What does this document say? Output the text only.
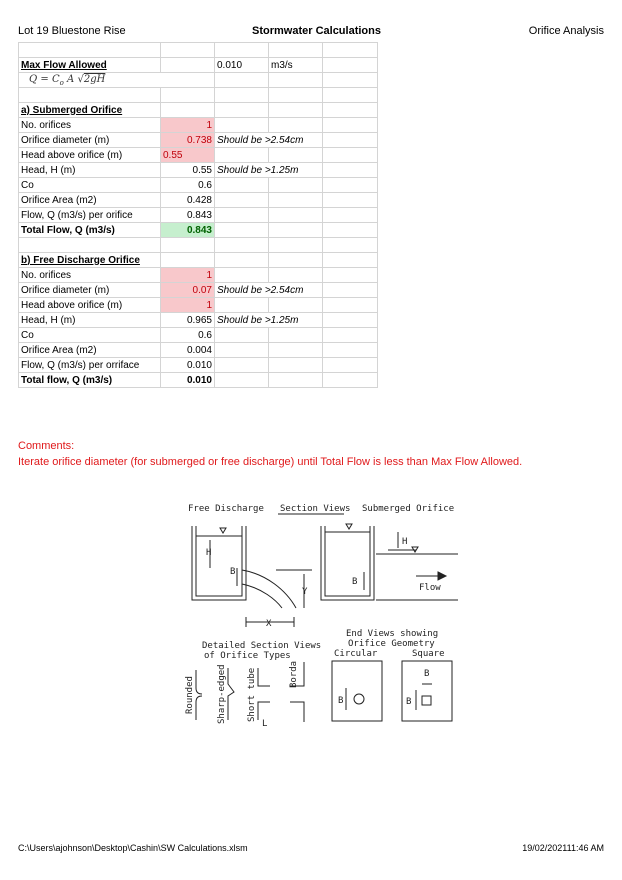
Lot 19 Bluestone Rise	Stormwater Calculations	Orifice Analysis

Max Flow Allowed		0.010	m3/s	
$Q = C_o$ A √2gH				

a) Submerged Orifice				
No. orifices	1			
Orifice diameter (m)	0.738	Should be >2.54cm		
Head above orifice (m)	0.55			
Head, H (m)	0.55	Should be >1.25m		
Co	0.6			
Orifice Area (m2)	0.428			
Flow, Q (m3/s) per orifice	0.843			
Total Flow, Q (m3/s)	0.843			

b) Free Discharge Orifice				
No. orifices	1			
Orifice diameter (m)	0.07	Should be >2.54cm		
Head above orifice (m)	1			
Head, H (m)	0.965	Should be >1.25m		
Co	0.6			
Orifice Area (m2)	0.004			
Flow, Q (m3/s) per orriface	0.010			
Total flow, Q (m3/s)	0.010			
Comments:
Iterate orifice diameter (for submerged or free discharge) until Total Flow is less than Max Flow Allowed.
Free Discharge Section Views Submerged Orifice
H
B
Y
X
H
B
Flow
Detailed Section Views
of Orifice Types
Rounded Sharp-edged Short tube
L
Borda
End Views showing
Orifice Geometry
Circular	Square
B	B
B
C:\Users\ajohnson\Desktop\Cashin\SW Calculations.xlsm	19/02/202111:46 AM
